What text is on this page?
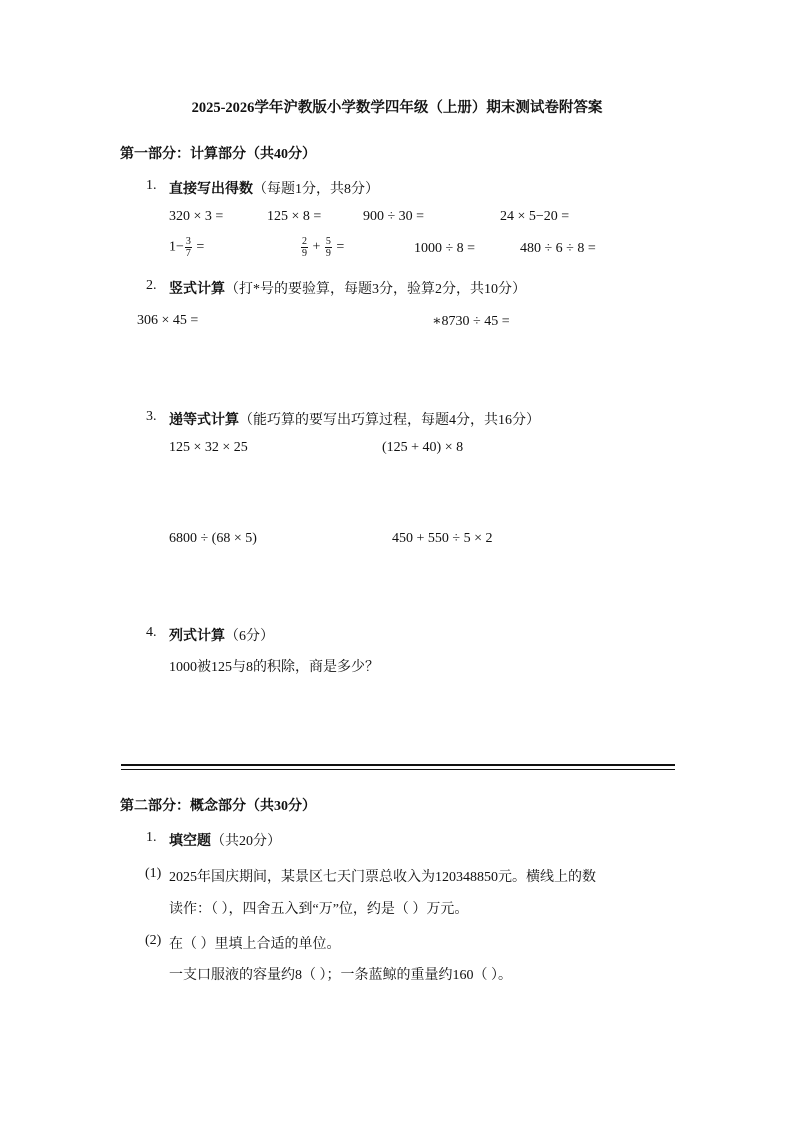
2025-2026学年沪教版小学数学四年级（上册）期末测试卷附答案
第一部分：计算部分（共40分）
1. 直接写出得数（每题1分，共8分）
320 × 3 =	125 × 8 =	900 ÷ 30 =	24 × 5−20 =
$1- \frac{3}{7}$ =	$\frac{2}{9} + \frac{5}{9}$ =	1000 ÷ 8 =	480 ÷ 6 ÷ 8 =
2. 竖式计算（打*号的要验算，每题3分，验算2分，共10分）
306 × 45 =	∗8730 ÷ 45 =
3. 递等式计算（能巧算的要写出巧算过程，每题4分，共16分）
125 × 32 × 25	(125 + 40) × 8
6800 ÷ (68 × 5)	450 + 550 ÷ 5 × 2
4. 列式计算（6分）
1000被125与8的积除，商是多少？
第二部分：概念部分（共30分）
1. 填空题（共20分）
(1) 2025年国庆期间，某景区七天门票总收入为120348850元。横线上的数
读作：（ ），四舍五入到“万”位，约是（ ）万元。
(2) 在（ ）里填上合适的单位。
一支口服液的容量约8（ ）；一条蓝鲸的重量约160（ ）。
